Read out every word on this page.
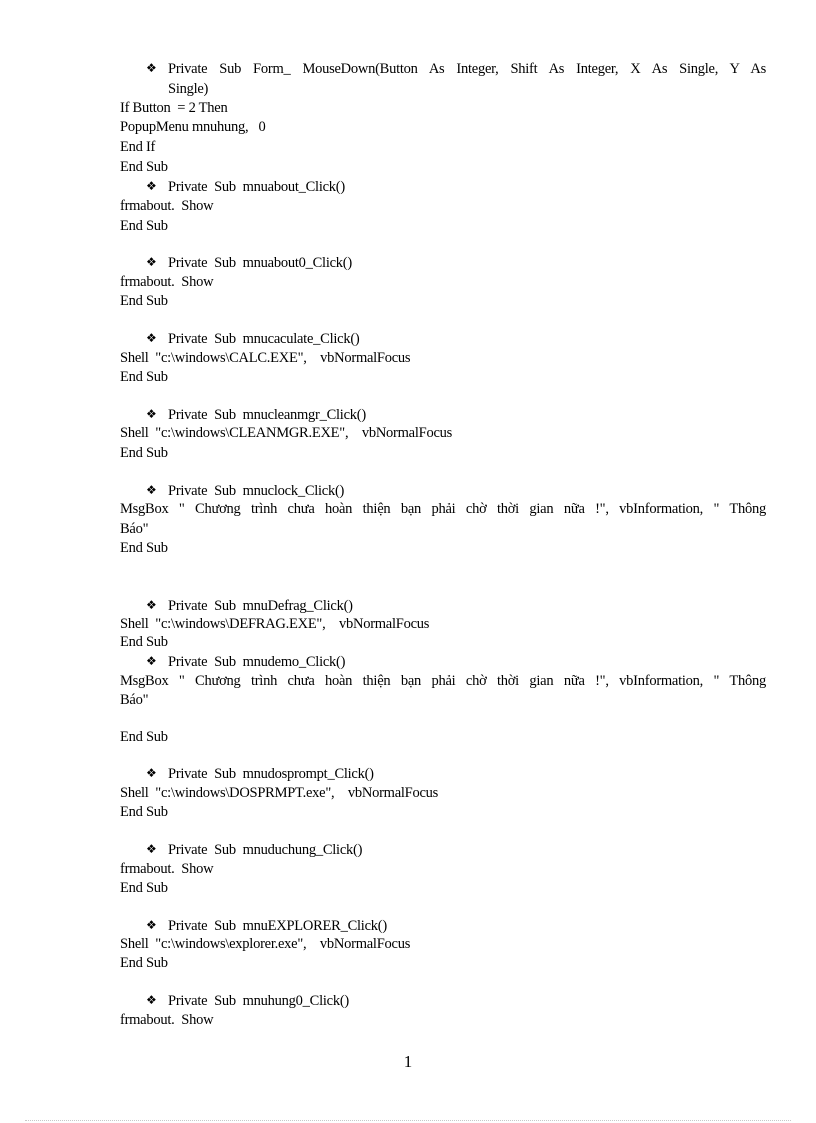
❖ Private Sub Form_ MouseDown(Button As Integer, Shift As Integer, X As Single, Y As
Single)
If Button  = 2 Then
PopupMenu mnuhung,   0
End If
End Sub
❖ Private  Sub  mnuabout_Click()
frmabout.  Show
End Sub
❖ Private  Sub  mnuabout0_Click()
frmabout.  Show
End Sub
❖ Private  Sub  mnucaculate_Click()
Shell  "c:\windows\CALC.EXE",    vbNormalFocus
End Sub
❖ Private  Sub  mnucleanmgr_Click()
Shell  "c:\windows\CLEANMGR.EXE",    vbNormalFocus
End Sub
❖ Private  Sub  mnuclock_Click()
MsgBox " Chương trình chưa hoàn thiện bạn phải chờ thời gian nữa !", vbInformation, " Thông
Báo"
End Sub
❖ Private  Sub  mnuDefrag_Click()
Shell  "c:\windows\DEFRAG.EXE",    vbNormalFocus
End Sub
❖ Private  Sub  mnudemo_Click()
MsgBox " Chương trình chưa hoàn thiện bạn phải chờ thời gian nữa !", vbInformation, " Thông
Báo"
End Sub
❖ Private  Sub  mnudosprompt_Click()
Shell  "c:\windows\DOSPRMPT.exe",    vbNormalFocus
End Sub
❖ Private  Sub  mnuduchung_Click()
frmabout.  Show
End Sub
❖ Private  Sub  mnuEXPLORER_Click()
Shell  "c:\windows\explorer.exe",    vbNormalFocus
End Sub
❖ Private  Sub  mnuhung0_Click()
frmabout.  Show
1
